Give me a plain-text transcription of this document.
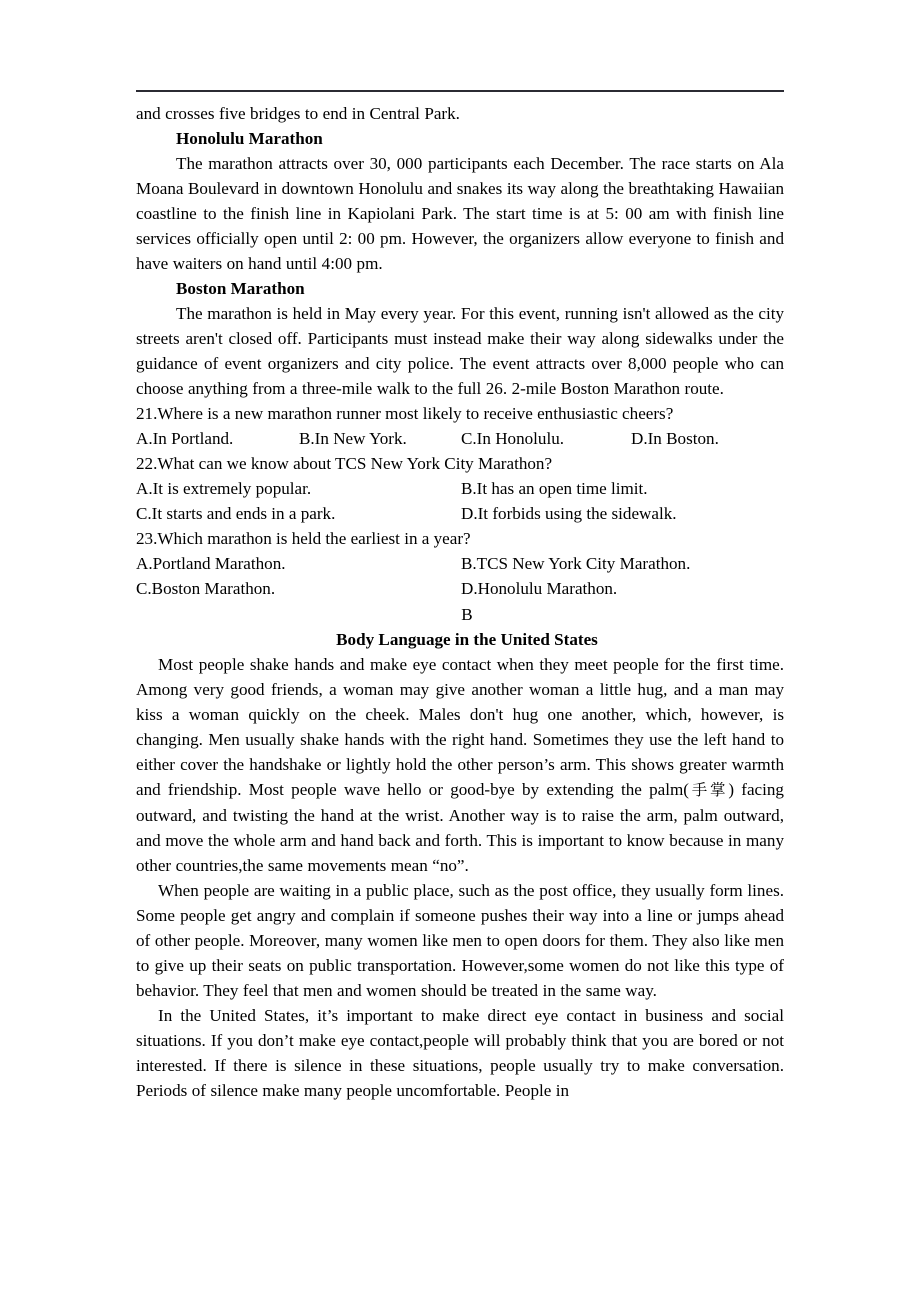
and crosses five bridges to end in Central Park.

Honolulu Marathon

The marathon attracts over 30, 000 participants each December. The race starts on Ala Moana Boulevard in downtown Honolulu and snakes its way along the breathtaking Hawaiian coastline to the finish line in Kapiolani Park. The start time is at 5: 00 am with finish line services officially open until 2: 00 pm. However, the organizers allow everyone to finish and have waiters on hand until 4:00 pm.

Boston Marathon

The marathon is held in May every year. For this event, running isn't allowed as the city streets aren't closed off. Participants must instead make their way along sidewalks under the guidance of event organizers and city police. The event attracts over 8,000 people who can choose anything from a three-mile walk to the full 26. 2-mile Boston Marathon route.

21.Where is a new marathon runner most likely to receive enthusiastic cheers?

A.In Portland.	B.In New York.	C.In Honolulu.	D.In Boston.

22.What can we know about TCS New York City Marathon?

A.It is extremely popular.	B.It has an open time limit.
C.It starts and ends in a park.	D.It forbids using the sidewalk.

23.Which marathon is held the earliest in a year?

A.Portland Marathon.	B.TCS New York City Marathon.
C.Boston Marathon.	D.Honolulu Marathon.

B

Body Language in the United States

Most people shake hands and make eye contact when they meet people for the first time. Among very good friends, a woman may give another woman a little hug, and a man may kiss a woman quickly on the cheek. Males don't hug one another, which, however, is changing. Men usually shake hands with the right hand. Sometimes they use the left hand to either cover the handshake or lightly hold the other person’s arm. This shows greater warmth and friendship. Most people wave hello or good-bye by extending the palm(手掌) facing outward, and twisting the hand at the wrist. Another way is to raise the arm, palm outward, and move the whole arm and hand back and forth. This is important to know because in many other countries,the same movements mean “no”.

When people are waiting in a public place, such as the post office, they usually form lines. Some people get angry and complain if someone pushes their way into a line or jumps ahead of other people. Moreover, many women like men to open doors for them. They also like men to give up their seats on public transportation. However,some women do not like this type of behavior. They feel that men and women should be treated in the same way.

In the United States, it’s important to make direct eye contact in business and social situations. If you don’t make eye contact,people will probably think that you are bored or not interested. If there is silence in these situations, people usually try to make conversation. Periods of silence make many people uncomfortable. People in
